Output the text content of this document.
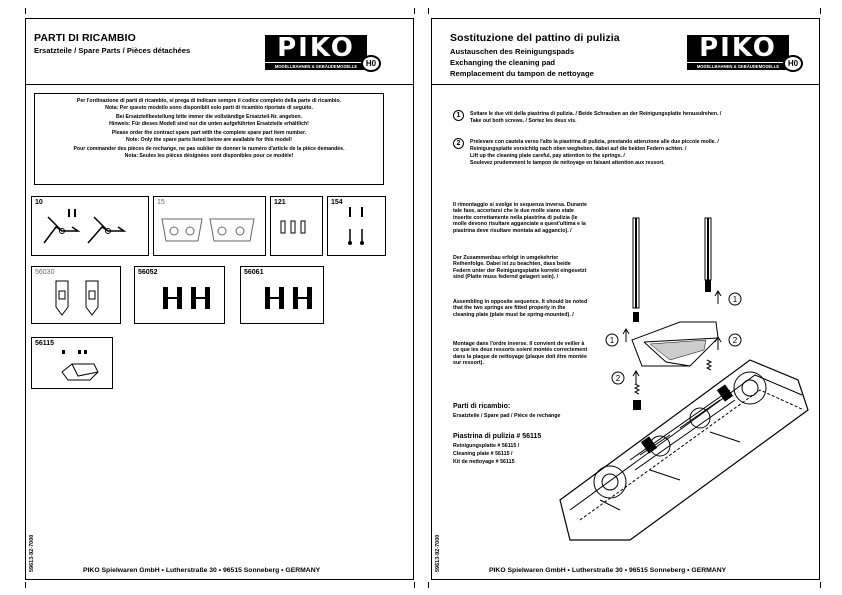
PARTI DI RICAMBIO
Ersatzteile / Spare Parts / Pièces détachées	PIKO
MODELLBAHNEN & GEBÄUDEMODELLE	H0

Per l'ordinazione di parti di ricambio, si prega di indicare sempre il codice completo della parte di ricambio.
Nota: Per questo modello sono disponibili solo parti di ricambio riportate di seguito.

Bei Ersatzteilbestellung bitte immer die vollständige Ersatzteil-Nr. angeben.
Hinweis: Für dieses Modell sind nur die unten aufgeführten Ersatzteile erhältlich!

Please order the contract spare part with the complete spare part item number.
Note: Only the spare parts listed below are available for this model!

Pour commander des pièces de rechange, ne pas oublier de donner le numéro d'article de la pièce demandée.
Nota: Seules les pièces désignées sont disponibles pour ce modèle!

10	15	121	154
56030	56052	56061
56115
59613-92-7000	PIKO Spielwaren GmbH • Lutherstraße 30 • 96515 Sonneberg • GERMANY
Sostituzione del pattino di pulizia
Austauschen des Reinigungspads
Exchanging the cleaning pad
Remplacement du tampon de nettoyage
PIKO
MODELLBAHNEN & GEBÄUDEMODELLE	H0
1	Svitare le due viti della piastrina di pulizia. / Beide Schrauben an der Reinigungsplatte herausdrehen. /
Take out both screws. / Sortez les deux vis.
2	Prelevare con cautela verso l'alto la piastrina di pulizia, prestando attenzione alle due piccole molle. /
Reinigungsplatte vorsichtig nach oben wegheben, dabei auf die beiden Federn achten. /
Lift up the cleaning plate careful, pay attention to the springs. /
Soulevez prudemment le tampon de nettoyage en faisant attention aux ressort.
Il rimontaggio si svolge in sequenza inversa. Durante tale fase, accertarsi che le due molle siano state inserite correttamente nella piastrina di pulizia (le molle devono risultare agganciate a quest'ultima e la piastrina deve risultare montata ad aggancio). /
Der Zusammenbau erfolgt in umgekehrter Reihenfolge. Dabei ist zu beachten, dass beide Federn unter der Reinigungsplatte korrekt eingesetzt sind (Platte muss federnd gelagert sein). /
Assembling in opposite sequence. It should be noted that the two springs are fitted properly in the cleaning plate (plate must be spring-mounted). /
Montage dans l'ordre inverse. Il convient de veiller à ce que les deux ressorts soient montés correctement dans la plaque de nettoyage (plaque doit être montée sur ressort).
Parti di ricambio:
Ersatzteile / Spare pad / Pièce de rechange
Piastrina di pulizia # 56115
Reinigungsplatte # 56115 /
Cleaning plate # 56115 /
Kit de nettoyage # 56115
1
1	2
2
59613-92-7000	PIKO Spielwaren GmbH • Lutherstraße 30 • 96515 Sonneberg • GERMANY
